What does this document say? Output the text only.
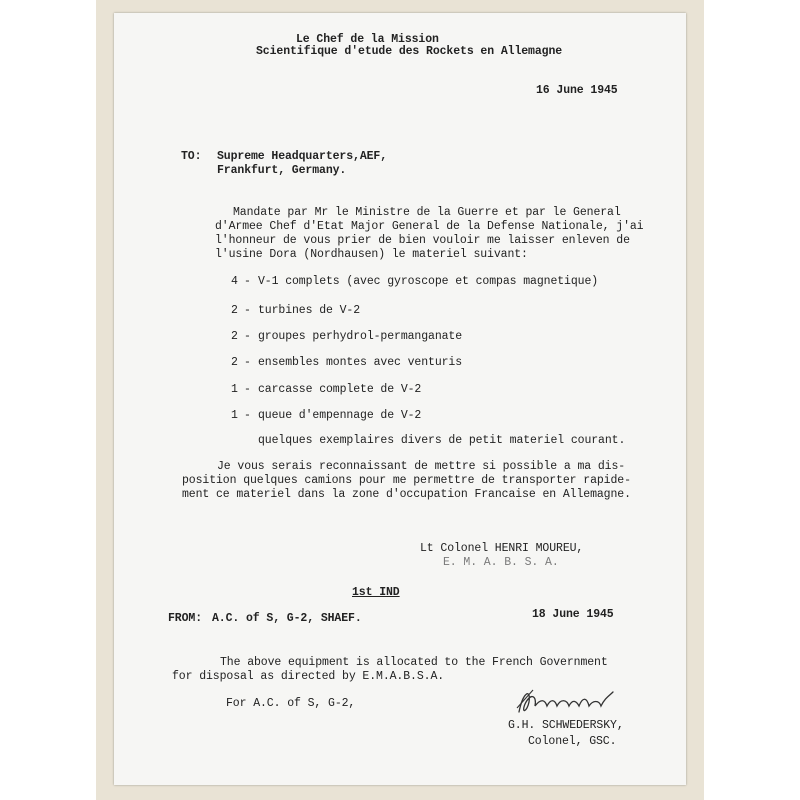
Le Chef de la Mission

Scientifique d'etude des Rockets en Allemagne

16 June 1945

TO: Supreme Headquarters,AEF,

Frankfurt, Germany.

Mandate par Mr le Ministre de la Guerre et par le General

d'Armee Chef d'Etat Major General de la Defense Nationale, j'ai

l'honneur de vous prier de bien vouloir me laisser enleven de

l'usine Dora (Nordhausen) le materiel suivant:

4 - V-1 complets (avec gyroscope et compas magnetique)

2 - turbines de V-2

2 - groupes perhydrol-permanganate

2 - ensembles montes avec venturis

1 - carcasse complete de V-2

1 - queue d'empennage de V-2

quelques exemplaires divers de petit materiel courant.

Je vous serais reconnaissant de mettre si possible a ma dis-

position quelques camions pour me permettre de transporter rapide-

ment ce materiel dans la zone d'occupation Francaise en Allemagne.

Lt Colonel HENRI MOUREU,

E. M. A. B. S. A.

1st IND

FROM: A.C. of S, G-2, SHAEF.	18 June 1945

The above equipment is allocated to the French Government

for disposal as directed by E.M.A.B.S.A.

For A.C. of S, G-2,

G.H. SCHWEDERSKY,

Colonel, GSC.
